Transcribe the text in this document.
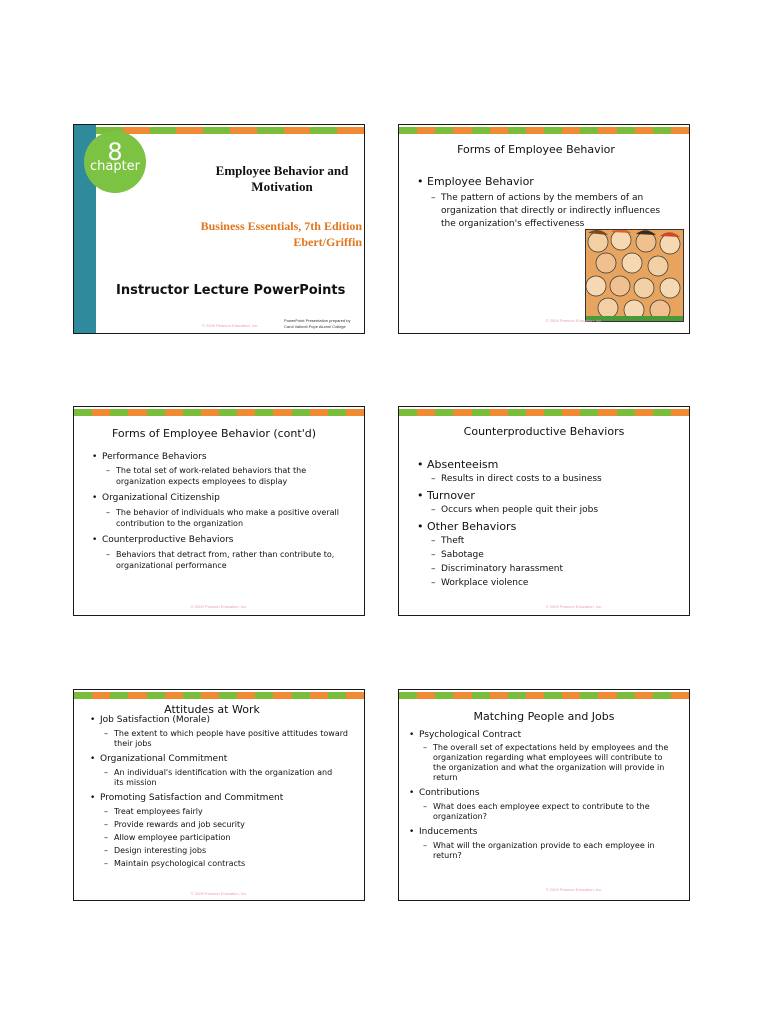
8
chapter	Employee Behavior and Motivation
Business Essentials, 7th Edition
Ebert/Griffin
Instructor Lecture PowerPoints
© 2009 Pearson Education, Inc.
PowerPoint Presentation prepared by
Carol Valinoti Pope Alumni College
Forms of Employee Behavior
• Employee Behavior
– The pattern of actions by the members of an organization that directly or indirectly influences the organization's effectiveness
© 2009 Pearson Education, Inc.
Forms of Employee Behavior (cont'd)
• Performance Behaviors
– The total set of work-related behaviors that the organization expects employees to display
• Organizational Citizenship
– The behavior of individuals who make a positive overall contribution to the organization
• Counterproductive Behaviors
– Behaviors that detract from, rather than contribute to, organizational performance
© 2009 Pearson Education, Inc.
Counterproductive Behaviors
• Absenteeism
– Results in direct costs to a business
• Turnover
– Occurs when people quit their jobs
• Other Behaviors
– Theft
– Sabotage
– Discriminatory harassment
– Workplace violence
© 2009 Pearson Education, Inc.
Attitudes at Work
• Job Satisfaction (Morale)
– The extent to which people have positive attitudes toward their jobs
• Organizational Commitment
– An individual's identification with the organization and its mission
• Promoting Satisfaction and Commitment
– Treat employees fairly
– Provide rewards and job security
– Allow employee participation
– Design interesting jobs
– Maintain psychological contracts
© 2009 Pearson Education, Inc.
Matching People and Jobs
• Psychological Contract
– The overall set of expectations held by employees and the organization regarding what employees will contribute to the organization and what the organization will provide in return
• Contributions
– What does each employee expect to contribute to the organization?
• Inducements
– What will the organization provide to each employee in return?
© 2009 Pearson Education, Inc.
